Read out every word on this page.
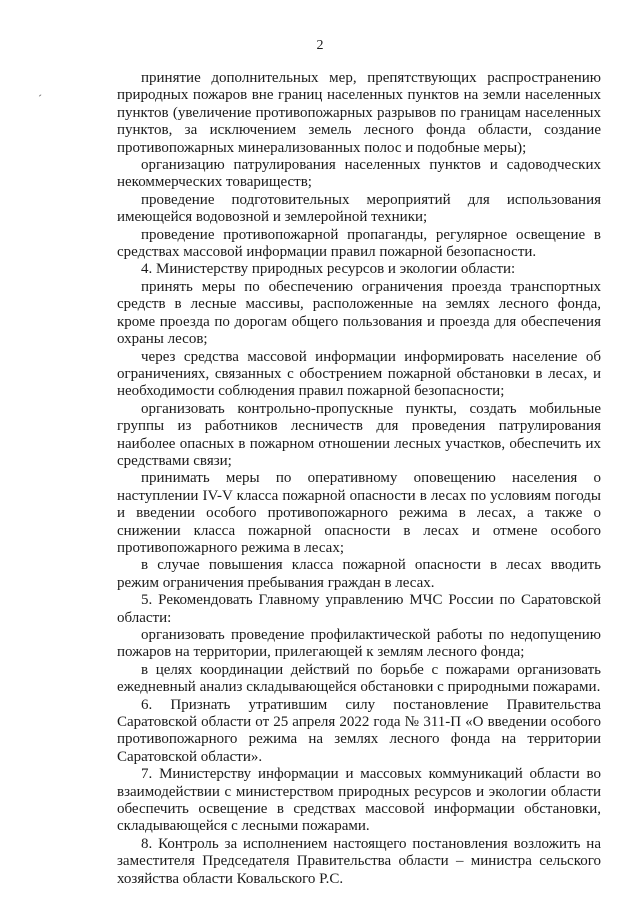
2
´

принятие дополнительных мер, препятствующих распространению природных пожаров вне границ населенных пунктов на земли населенных пунктов (увеличение противопожарных разрывов по границам населенных пунктов, за исключением земель лесного фонда области, создание противопожарных минерализованных полос и подобные меры);

организацию патрулирования населенных пунктов и садоводческих некоммерческих товариществ;

проведение подготовительных мероприятий для использования имеющейся водовозной и землеройной техники;

проведение противопожарной пропаганды, регулярное освещение в средствах массовой информации правил пожарной безопасности.

4. Министерству природных ресурсов и экологии области:

принять меры по обеспечению ограничения проезда транспортных средств в лесные массивы, расположенные на землях лесного фонда, кроме проезда по дорогам общего пользования и проезда для обеспечения охраны лесов;

через средства массовой информации информировать население об ограничениях, связанных с обострением пожарной обстановки в лесах, и необходимости соблюдения правил пожарной безопасности;

организовать контрольно-пропускные пункты, создать мобильные группы из работников лесничеств для проведения патрулирования наиболее опасных в пожарном отношении лесных участков, обеспечить их средствами связи;

принимать меры по оперативному оповещению населения о наступлении IV-V класса пожарной опасности в лесах по условиям погоды и введении особого противопожарного режима в лесах, а также о снижении класса пожарной опасности в лесах и отмене особого противопожарного режима в лесах;

в случае повышения класса пожарной опасности в лесах вводить режим ограничения пребывания граждан в лесах.

5. Рекомендовать Главному управлению МЧС России по Саратовской области:

организовать проведение профилактической работы по недопущению пожаров на территории, прилегающей к землям лесного фонда;

в целях координации действий по борьбе с пожарами организовать ежедневный анализ складывающейся обстановки с природными пожарами.

6. Признать утратившим силу постановление Правительства Саратовской области от 25 апреля 2022 года № 311-П «О введении особого противопожарного режима на землях лесного фонда на территории Саратовской области».

7. Министерству информации и массовых коммуникаций области во взаимодействии с министерством природных ресурсов и экологии области обеспечить освещение в средствах массовой информации обстановки, складывающейся с лесными пожарами.

8. Контроль за исполнением настоящего постановления возложить на заместителя Председателя Правительства области – министра сельского хозяйства области Ковальского Р.С.
